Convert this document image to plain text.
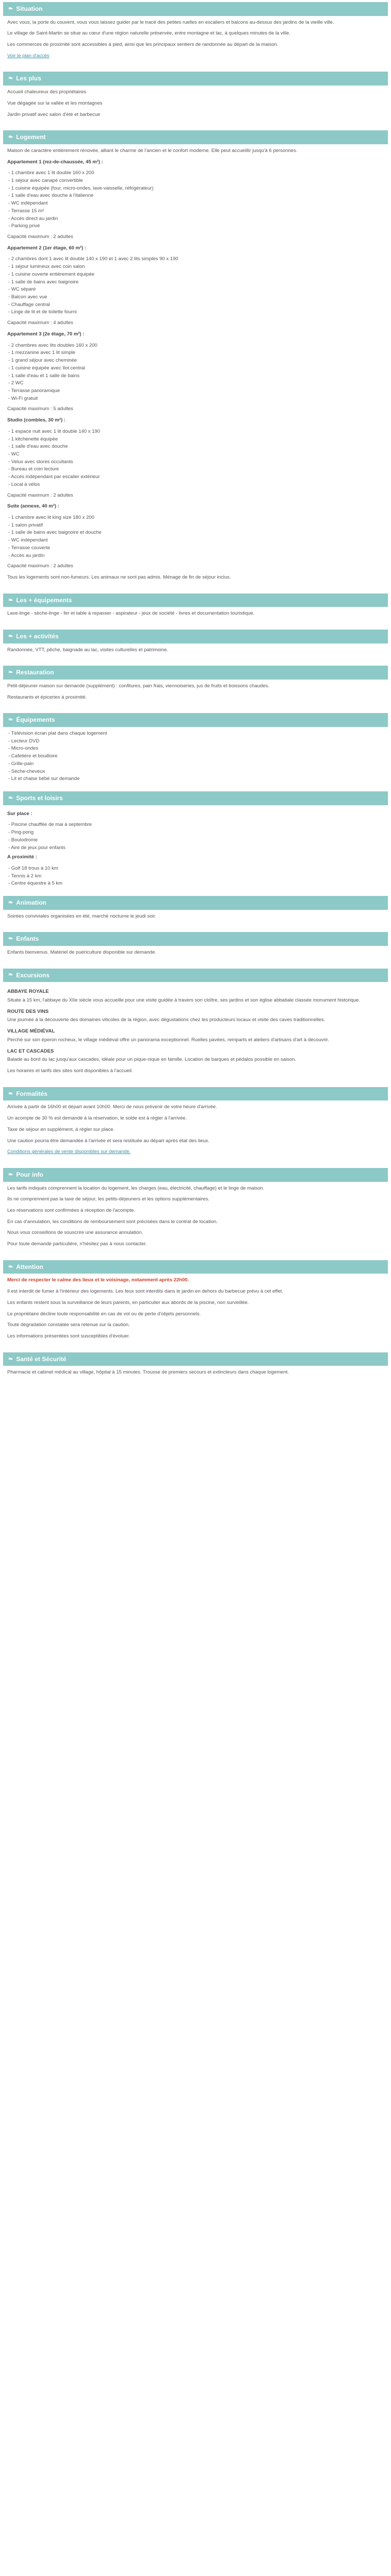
❧ Situation

Avec vous, la porte du couvent, vous vous laissez guider par le tracé des petites ruelles en escaliers et balcons au-dessus des jardins de la vieille ville.

Le village de Saint-Martin se situe au cœur d'une région naturelle préservée, entre montagne et lac, à quelques minutes de la ville.

Les commerces de proximité sont accessibles à pied, ainsi que les principaux sentiers de randonnée au départ de la maison.

Voir le plan d'accès

❧ Les plus

Accueil chaleureux des propriétaires

Vue dégagée sur la vallée et les montagnes

Jardin privatif avec salon d'été et barbecue

❧ Logement

Maison de caractère entièrement rénovée, alliant le charme de l'ancien et le confort moderne. Elle peut accueillir jusqu'à 6 personnes.

Appartement 1 (rez-de-chaussée, 45 m²) :

- 1 chambre avec 1 lit double 160 x 200
- 1 séjour avec canapé convertible
- 1 cuisine équipée (four, micro-ondes, lave-vaisselle, réfrigérateur)
- 1 salle d'eau avec douche à l'italienne
- WC indépendant
- Terrasse 15 m²
- Accès direct au jardin
- Parking privé

Capacité maximum : 2 adultes

Appartement 2 (1er étage, 60 m²) :

- 2 chambres dont 1 avec lit double 140 x 190 et 1 avec 2 lits simples 90 x 190
- 1 séjour lumineux avec coin salon
- 1 cuisine ouverte entièrement équipée
- 1 salle de bains avec baignoire
- WC séparé
- Balcon avec vue
- Chauffage central
- Linge de lit et de toilette fourni

Capacité maximum : 4 adultes

Appartement 3 (2e étage, 70 m²) :

- 2 chambres avec lits doubles 160 x 200
- 1 mezzanine avec 1 lit simple
- 1 grand séjour avec cheminée
- 1 cuisine équipée avec îlot central
- 1 salle d'eau et 1 salle de bains
- 2 WC
- Terrasse panoramique
- Wi-Fi gratuit

Capacité maximum : 5 adultes

Studio (combles, 30 m²) :

- 1 espace nuit avec 1 lit double 140 x 190
- 1 kitchenette équipée
- 1 salle d'eau avec douche
- WC
- Velux avec stores occultants
- Bureau et coin lecture
- Accès indépendant par escalier extérieur
- Local à vélos

Capacité maximum : 2 adultes

Suite (annexe, 40 m²) :

- 1 chambre avec lit king size 180 x 200
- 1 salon privatif
- 1 salle de bains avec baignoire et douche
- WC indépendant
- Terrasse couverte
- Accès au jardin

Capacité maximum : 2 adultes

Tous les logements sont non-fumeurs. Les animaux ne sont pas admis. Ménage de fin de séjour inclus.

❧ Les + équipements

Lave-linge - sèche-linge - fer et table à repasser - aspirateur - jeux de société - livres et documentation touristique.

❧ Les + activités

Randonnée, VTT, pêche, baignade au lac, visites culturelles et patrimoine.

❧ Restauration

Petit-déjeuner maison sur demande (supplément) : confitures, pain frais, viennoiseries, jus de fruits et boissons chaudes.

Restaurants et épiceries à proximité.

❧ Équipements
- Télévision écran plat dans chaque logement
- Lecteur DVD
- Micro-ondes
- Cafetière et bouilloire
- Grille-pain
- Sèche-cheveux
- Lit et chaise bébé sur demande
❧ Sports et loisirs

Sur place :

- Piscine chauffée de mai à septembre
- Ping-pong
- Boulodrome
- Aire de jeux pour enfants

A proximité :

- Golf 18 trous à 10 km
- Tennis à 2 km
- Centre équestre à 5 km
❧ Animation

Soirées conviviales organisées en été, marché nocturne le jeudi soir.

❧ Enfants

Enfants bienvenus. Matériel de puériculture disponible sur demande.

❧ Excursions

ABBAYE ROYALE

Située à 15 km, l'abbaye du XIIe siècle vous accueille pour une visite guidée à travers son cloître, ses jardins et son église abbatiale classée monument historique.

ROUTE DES VINS

Une journée à la découverte des domaines viticoles de la région, avec dégustations chez les producteurs locaux et visite des caves traditionnelles.

VILLAGE MÉDIÉVAL

Perché sur son éperon rocheux, le village médiéval offre un panorama exceptionnel. Ruelles pavées, remparts et ateliers d'artisans d'art à découvrir.

LAC ET CASCADES

Balade au bord du lac jusqu'aux cascades, idéale pour un pique-nique en famille. Location de barques et pédalos possible en saison.

Les horaires et tarifs des sites sont disponibles à l'accueil.

❧ Formalités

Arrivée à partir de 16h00 et départ avant 10h00. Merci de nous prévenir de votre heure d'arrivée.

Un acompte de 30 % est demandé à la réservation, le solde est à régler à l'arrivée.

Taxe de séjour en supplément, à régler sur place.

Une caution pourra être demandée à l'arrivée et sera restituée au départ après état des lieux.

Conditions générales de vente disponibles sur demande.

❧ Pour info

Les tarifs indiqués comprennent la location du logement, les charges (eau, électricité, chauffage) et le linge de maison.

Ils ne comprennent pas la taxe de séjour, les petits-déjeuners et les options supplémentaires.

Les réservations sont confirmées à réception de l'acompte.

En cas d'annulation, les conditions de remboursement sont précisées dans le contrat de location.

Nous vous conseillons de souscrire une assurance annulation.

Pour toute demande particulière, n'hésitez pas à nous contacter.

❧ Attention

Merci de respecter le calme des lieux et le voisinage, notamment après 22h00.

Il est interdit de fumer à l'intérieur des logements. Les feux sont interdits dans le jardin en dehors du barbecue prévu à cet effet.

Les enfants restent sous la surveillance de leurs parents, en particulier aux abords de la piscine, non surveillée.

Le propriétaire décline toute responsabilité en cas de vol ou de perte d'objets personnels.

Toute dégradation constatée sera retenue sur la caution.

Les informations présentées sont susceptibles d'évoluer.

❧ Santé et Sécurité

Pharmacie et cabinet médical au village, hôpital à 15 minutes. Trousse de premiers secours et extincteurs dans chaque logement.
